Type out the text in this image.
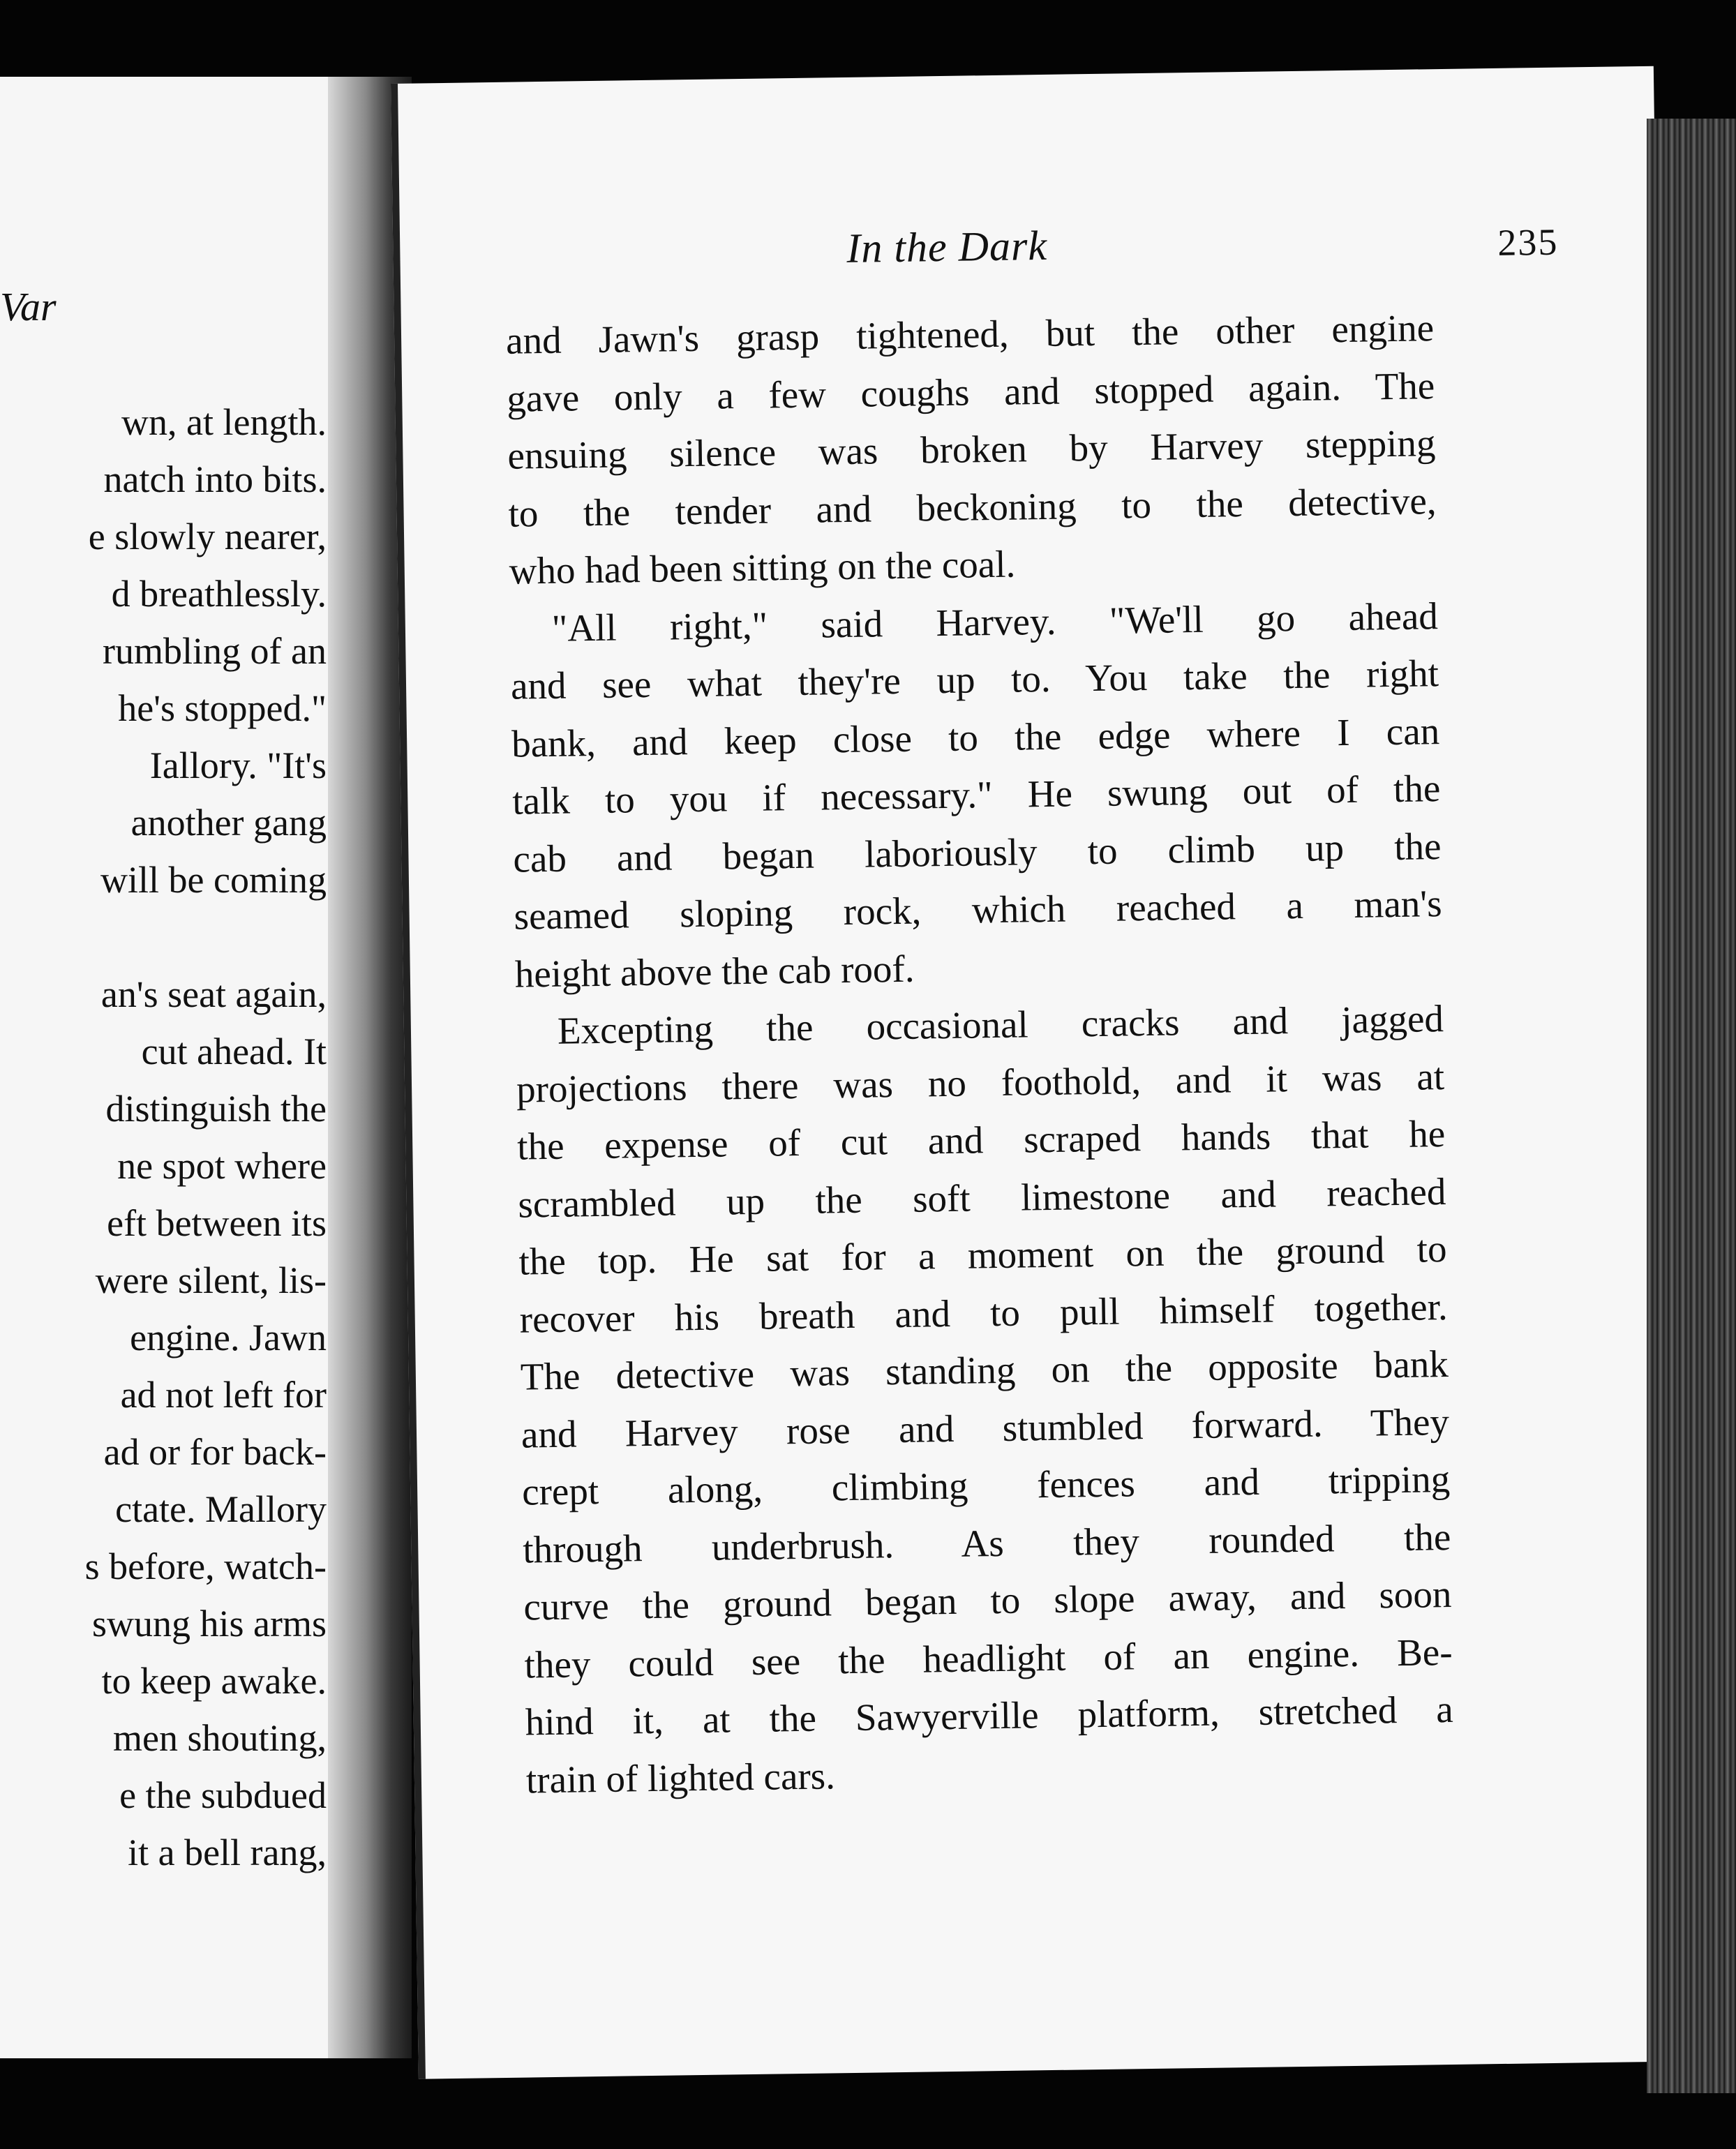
Var
wn, at length.
natch into bits.
e slowly nearer,
d breathlessly.
rumbling of an
he's stopped."
Iallory. "It's
another gang
will be coming
an's seat again,
cut ahead. It
distinguish the
ne spot where
eft between its
were silent, lis-
engine. Jawn
ad not left for
ad or for back-
ctate. Mallory
s before, watch-
swung his arms
to keep awake.
men shouting,
e the subdued
it a bell rang,
In the Dark	235
and Jawn's grasp tightened, but the other engine
gave only a few coughs and stopped again. The
ensuing silence was broken by Harvey stepping
to the tender and beckoning to the detective,
who had been sitting on the coal.
"All right," said Harvey. "We'll go ahead
and see what they're up to. You take the right
bank, and keep close to the edge where I can
talk to you if necessary." He swung out of the
cab and began laboriously to climb up the
seamed sloping rock, which reached a man's
height above the cab roof.
Excepting the occasional cracks and jagged
projections there was no foothold, and it was at
the expense of cut and scraped hands that he
scrambled up the soft limestone and reached
the top. He sat for a moment on the ground to
recover his breath and to pull himself together.
The detective was standing on the opposite bank
and Harvey rose and stumbled forward. They
crept along, climbing fences and tripping
through underbrush. As they rounded the
curve the ground began to slope away, and soon
they could see the headlight of an engine. Be-
hind it, at the Sawyerville platform, stretched a
train of lighted cars.
